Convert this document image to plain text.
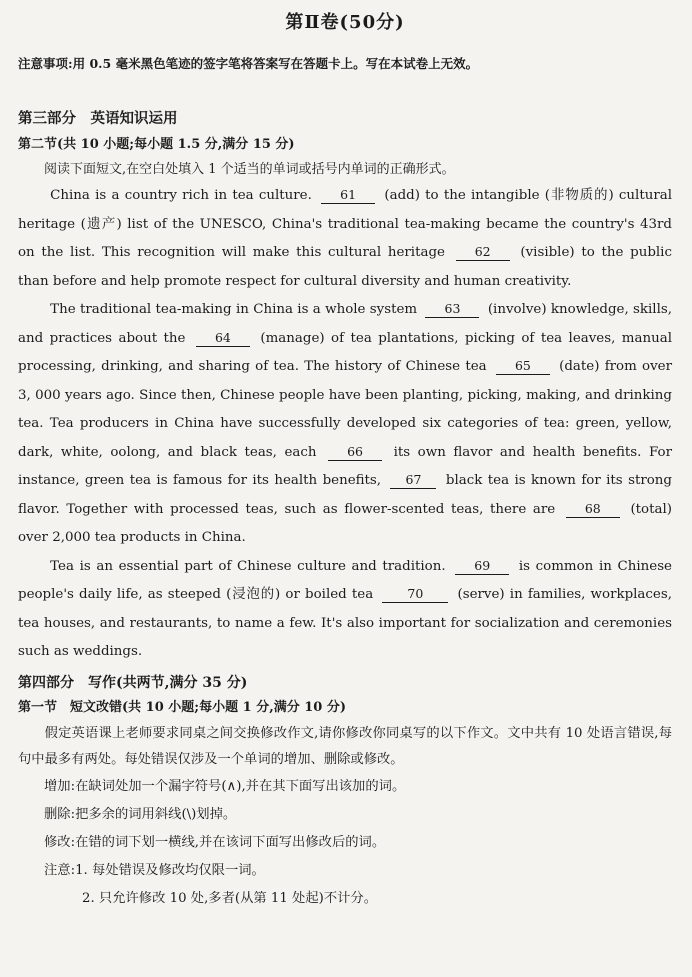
第Ⅱ卷(50分)
注意事项:用 0.5 毫米黑色笔迹的签字笔将答案写在答题卡上。写在本试卷上无效。
第三部分　英语知识运用
第二节(共 10 小题;每小题 1.5 分,满分 15 分)
阅读下面短文,在空白处填入 1 个适当的单词或括号内单词的正确形式。

China is a country rich in tea culture. 61 (add) to the intangible (非物质的) cultural heritage (遗产) list of the UNESCO, China's traditional tea-making became the country's 43rd on the list. This recognition will make this cultural heritage 62 (visible) to the public than before and help promote respect for cultural diversity and human creativity.

The traditional tea-making in China is a whole system 63 (involve) knowledge, skills, and practices about the 64 (manage) of tea plantations, picking of tea leaves, manual processing, drinking, and sharing of tea. The history of Chinese tea 65 (date) from over 3, 000 years ago. Since then, Chinese people have been planting, picking, making, and drinking tea. Tea producers in China have successfully developed six categories of tea: green, yellow, dark, white, oolong, and black teas, each 66 its own flavor and health benefits. For instance, green tea is famous for its health benefits, 67 black tea is known for its strong flavor. Together with processed teas, such as flower-scented teas, there are 68 (total) over 2,000 tea products in China.

Tea is an essential part of Chinese culture and tradition. 69 is common in Chinese people's daily life, as steeped (浸泡的) or boiled tea	70	(serve) in families, workplaces, tea houses, and restaurants, to name a few. It's also important for socialization and ceremonies such as weddings.

第四部分　写作(共两节,满分 35 分)
第一节　短文改错(共 10 小题;每小题 1 分,满分 10 分)
假定英语课上老师要求同桌之间交换修改作文,请你修改你同桌写的以下作文。文中共有 10 处语言错误,每句中最多有两处。每处错误仅涉及一个单词的增加、删除或修改。
增加:在缺词处加一个漏字符号(∧),并在其下面写出该加的词。
删除:把多余的词用斜线(\)划掉。
修改:在错的词下划一横线,并在该词下面写出修改后的词。
注意:1. 每处错误及修改均仅限一词。
2. 只允许修改 10 处,多者(从第 11 处起)不计分。
